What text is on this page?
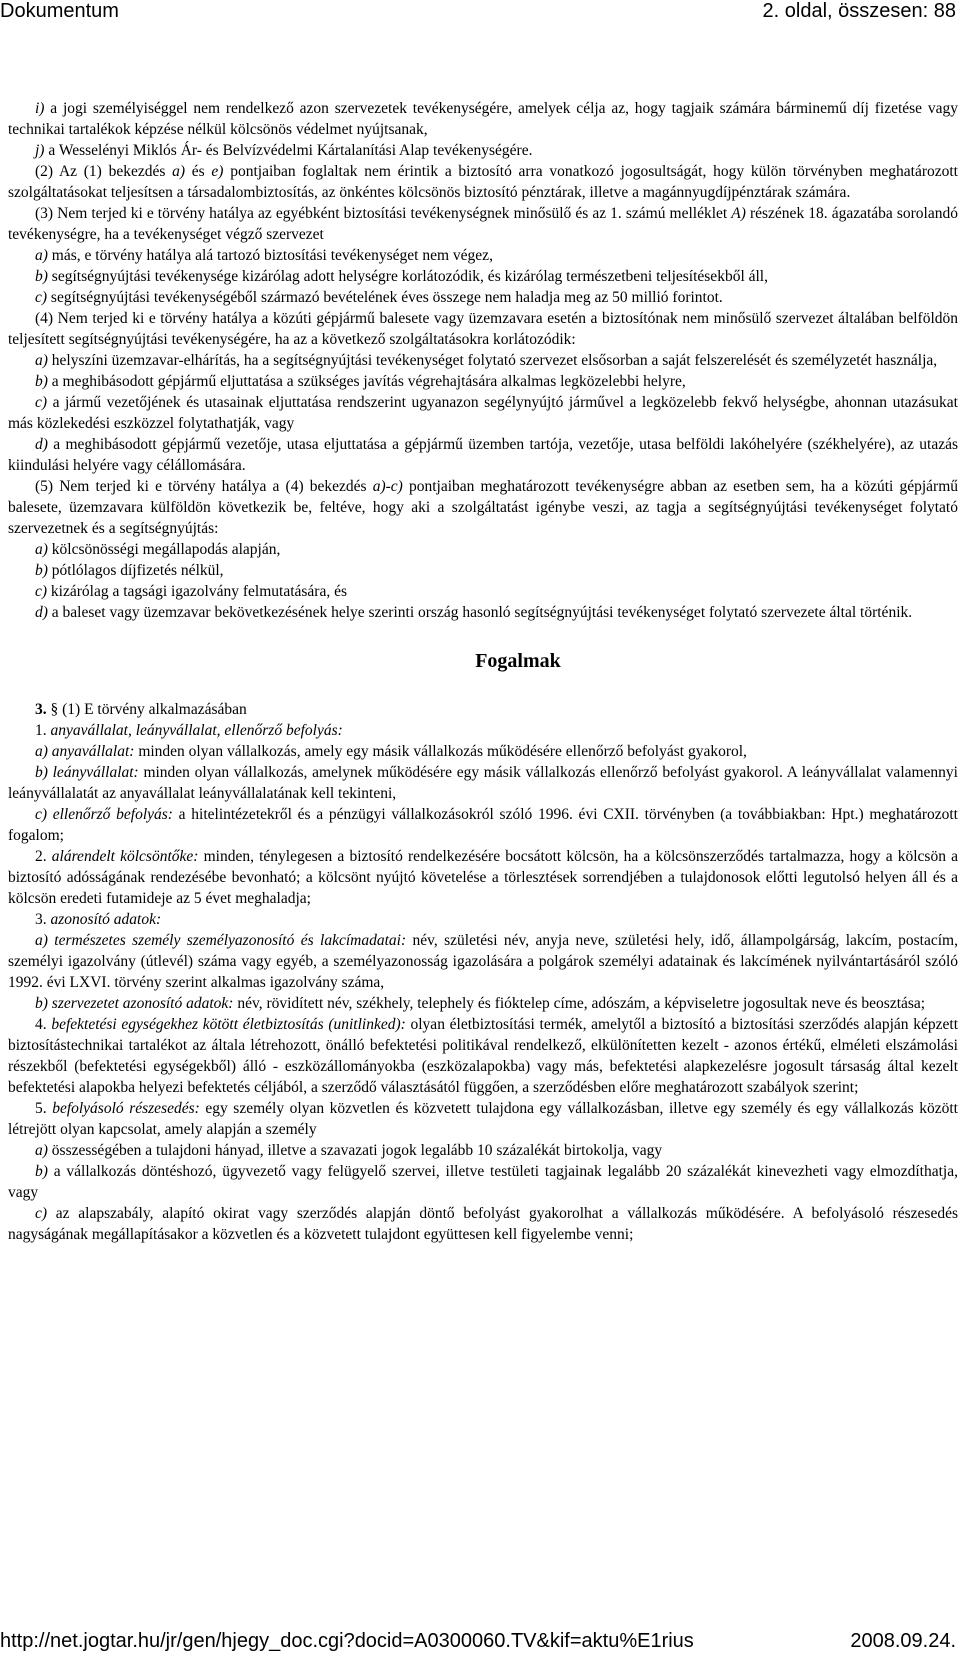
Dokumentum	2. oldal, összesen: 88

i) a jogi személyiséggel nem rendelkező azon szervezetek tevékenységére, amelyek célja az, hogy tagjaik számára bárminemű díj fizetése vagy technikai tartalékok képzése nélkül kölcsönös védelmet nyújtsanak,

j) a Wesselényi Miklós Ár- és Belvízvédelmi Kártalanítási Alap tevékenységére.

(2) Az (1) bekezdés a) és e) pontjaiban foglaltak nem érintik a biztosító arra vonatkozó jogosultságát, hogy külön törvényben meghatározott szolgáltatásokat teljesítsen a társadalombiztosítás, az önkéntes kölcsönös biztosító pénztárak, illetve a magánnyugdíjpénztárak számára.

(3) Nem terjed ki e törvény hatálya az egyébként biztosítási tevékenységnek minősülő és az 1. számú melléklet A) részének 18. ágazatába sorolandó tevékenységre, ha a tevékenységet végző szervezet

a) más, e törvény hatálya alá tartozó biztosítási tevékenységet nem végez,

b) segítségnyújtási tevékenysége kizárólag adott helységre korlátozódik, és kizárólag természetbeni teljesítésekből áll,

c) segítségnyújtási tevékenységéből származó bevételének éves összege nem haladja meg az 50 millió forintot.

(4) Nem terjed ki e törvény hatálya a közúti gépjármű balesete vagy üzemzavara esetén a biztosítónak nem minősülő szervezet általában belföldön teljesített segítségnyújtási tevékenységére, ha az a következő szolgáltatásokra korlátozódik:

a) helyszíni üzemzavar-elhárítás, ha a segítségnyújtási tevékenységet folytató szervezet elsősorban a saját felszerelését és személyzetét használja,

b) a meghibásodott gépjármű eljuttatása a szükséges javítás végrehajtására alkalmas legközelebbi helyre,

c) a jármű vezetőjének és utasainak eljuttatása rendszerint ugyanazon segélynyújtó járművel a legközelebb fekvő helységbe, ahonnan utazásukat más közlekedési eszközzel folytathatják, vagy

d) a meghibásodott gépjármű vezetője, utasa eljuttatása a gépjármű üzemben tartója, vezetője, utasa belföldi lakóhelyére (székhelyére), az utazás kiindulási helyére vagy célállomására.

(5) Nem terjed ki e törvény hatálya a (4) bekezdés a)-c) pontjaiban meghatározott tevékenységre abban az esetben sem, ha a közúti gépjármű balesete, üzemzavara külföldön következik be, feltéve, hogy aki a szolgáltatást igénybe veszi, az tagja a segítségnyújtási tevékenységet folytató szervezetnek és a segítségnyújtás:

a) kölcsönösségi megállapodás alapján,

b) pótlólagos díjfizetés nélkül,

c) kizárólag a tagsági igazolvány felmutatására, és

d) a baleset vagy üzemzavar bekövetkezésének helye szerinti ország hasonló segítségnyújtási tevékenységet folytató szervezete által történik.

Fogalmak

3. § (1) E törvény alkalmazásában

1. anyavállalat, leányvállalat, ellenőrző befolyás:

a) anyavállalat: minden olyan vállalkozás, amely egy másik vállalkozás működésére ellenőrző befolyást gyakorol,

b) leányvállalat: minden olyan vállalkozás, amelynek működésére egy másik vállalkozás ellenőrző befolyást gyakorol. A leányvállalat valamennyi leányvállalatát az anyavállalat leányvállalatának kell tekinteni,

c) ellenőrző befolyás: a hitelintézetekről és a pénzügyi vállalkozásokról szóló 1996. évi CXII. törvényben (a továbbiakban: Hpt.) meghatározott fogalom;

2. alárendelt kölcsöntőke: minden, ténylegesen a biztosító rendelkezésére bocsátott kölcsön, ha a kölcsönszerződés tartalmazza, hogy a kölcsön a biztosító adósságának rendezésébe bevonható; a kölcsönt nyújtó követelése a törlesztések sorrendjében a tulajdonosok előtti legutolsó helyen áll és a kölcsön eredeti futamideje az 5 évet meghaladja;

3. azonosító adatok:

a) természetes személy személyazonosító és lakcímadatai: név, születési név, anyja neve, születési hely, idő, állampolgárság, lakcím, postacím, személyi igazolvány (útlevél) száma vagy egyéb, a személyazonosság igazolására a polgárok személyi adatainak és lakcímének nyilvántartásáról szóló 1992. évi LXVI. törvény szerint alkalmas igazolvány száma,

b) szervezetet azonosító adatok: név, rövidített név, székhely, telephely és fióktelep címe, adószám, a képviseletre jogosultak neve és beosztása;

4. befektetési egységekhez kötött életbiztosítás (unitlinked): olyan életbiztosítási termék, amelytől a biztosító a biztosítási szerződés alapján képzett biztosítástechnikai tartalékot az általa létrehozott, önálló befektetési politikával rendelkező, elkülönítetten kezelt - azonos értékű, elméleti elszámolási részekből (befektetési egységekből) álló - eszközállományokba (eszközalapokba) vagy más, befektetési alapkezelésre jogosult társaság által kezelt befektetési alapokba helyezi befektetés céljából, a szerződő választásától függően, a szerződésben előre meghatározott szabályok szerint;

5. befolyásoló részesedés: egy személy olyan közvetlen és közvetett tulajdona egy vállalkozásban, illetve egy személy és egy vállalkozás között létrejött olyan kapcsolat, amely alapján a személy

a) összességében a tulajdoni hányad, illetve a szavazati jogok legalább 10 százalékát birtokolja, vagy

b) a vállalkozás döntéshozó, ügyvezető vagy felügyelő szervei, illetve testületi tagjainak legalább 20 százalékát kinevezheti vagy elmozdíthatja, vagy

c) az alapszabály, alapító okirat vagy szerződés alapján döntő befolyást gyakorolhat a vállalkozás működésére. A befolyásoló részesedés nagyságának megállapításakor a közvetlen és a közvetett tulajdont együttesen kell figyelembe venni;

http://net.jogtar.hu/jr/gen/hjegy_doc.cgi?docid=A0300060.TV&kif=aktu%E1rius	2008.09.24.
